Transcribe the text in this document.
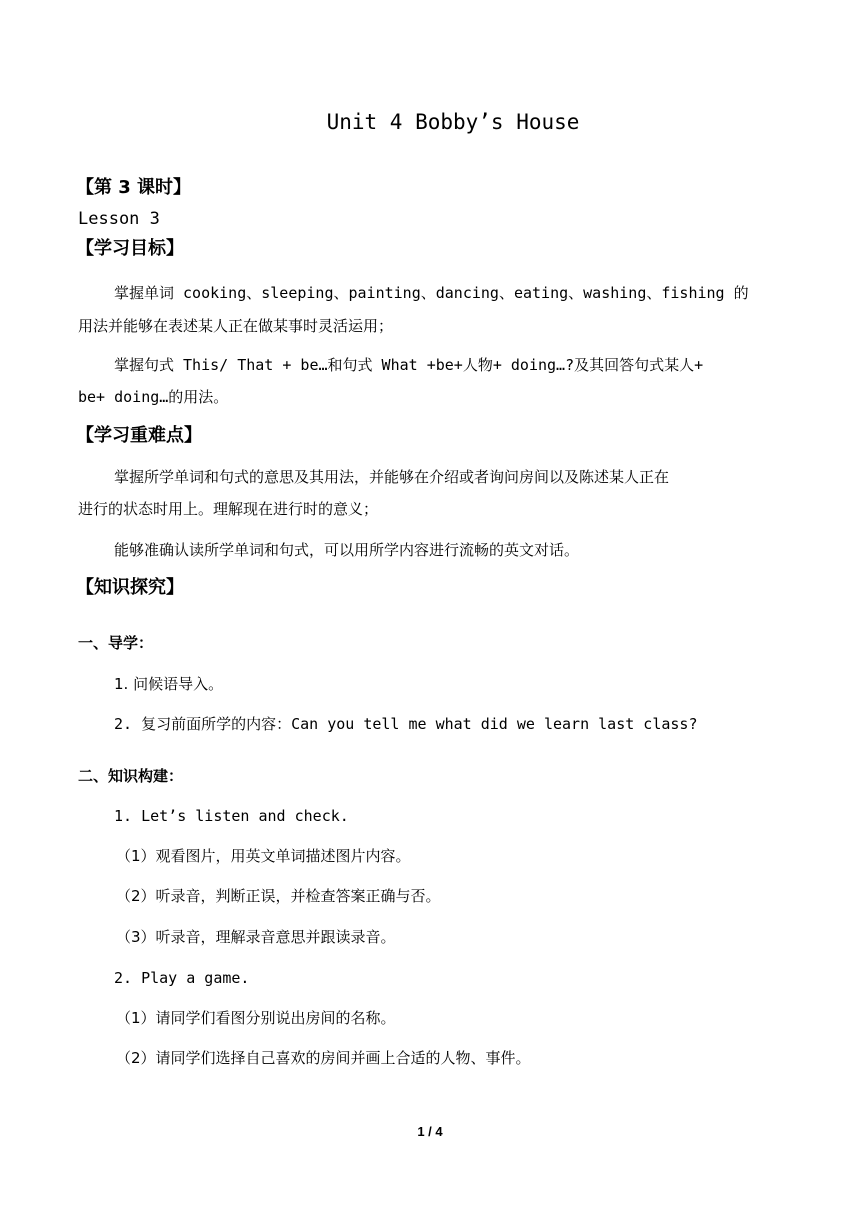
Unit 4 Bobby’s House
【第 3 课时】
Lesson 3
【学习目标】
掌握单词 cooking、sleeping、painting、dancing、eating、washing、fishing 的
用法并能够在表述某人正在做某事时灵活运用；
掌握句式 This/ That + be…和句式 What +be+人物+ doing…?及其回答句式某人+
be+ doing…的用法。
【学习重难点】
掌握所学单词和句式的意思及其用法，并能够在介绍或者询问房间以及陈述某人正在
进行的状态时用上。理解现在进行时的意义；
能够准确认读所学单词和句式，可以用所学内容进行流畅的英文对话。
【知识探究】
一、导学：
1. 问候语导入。
2. 复习前面所学的内容：Can you tell me what did we learn last class?
二、知识构建：
1. Let’s listen and check.
（1）观看图片，用英文单词描述图片内容。
（2）听录音，判断正误，并检查答案正确与否。
（3）听录音，理解录音意思并跟读录音。
2. Play a game.
（1）请同学们看图分别说出房间的名称。
（2）请同学们选择自己喜欢的房间并画上合适的人物、事件。
1 / 4
